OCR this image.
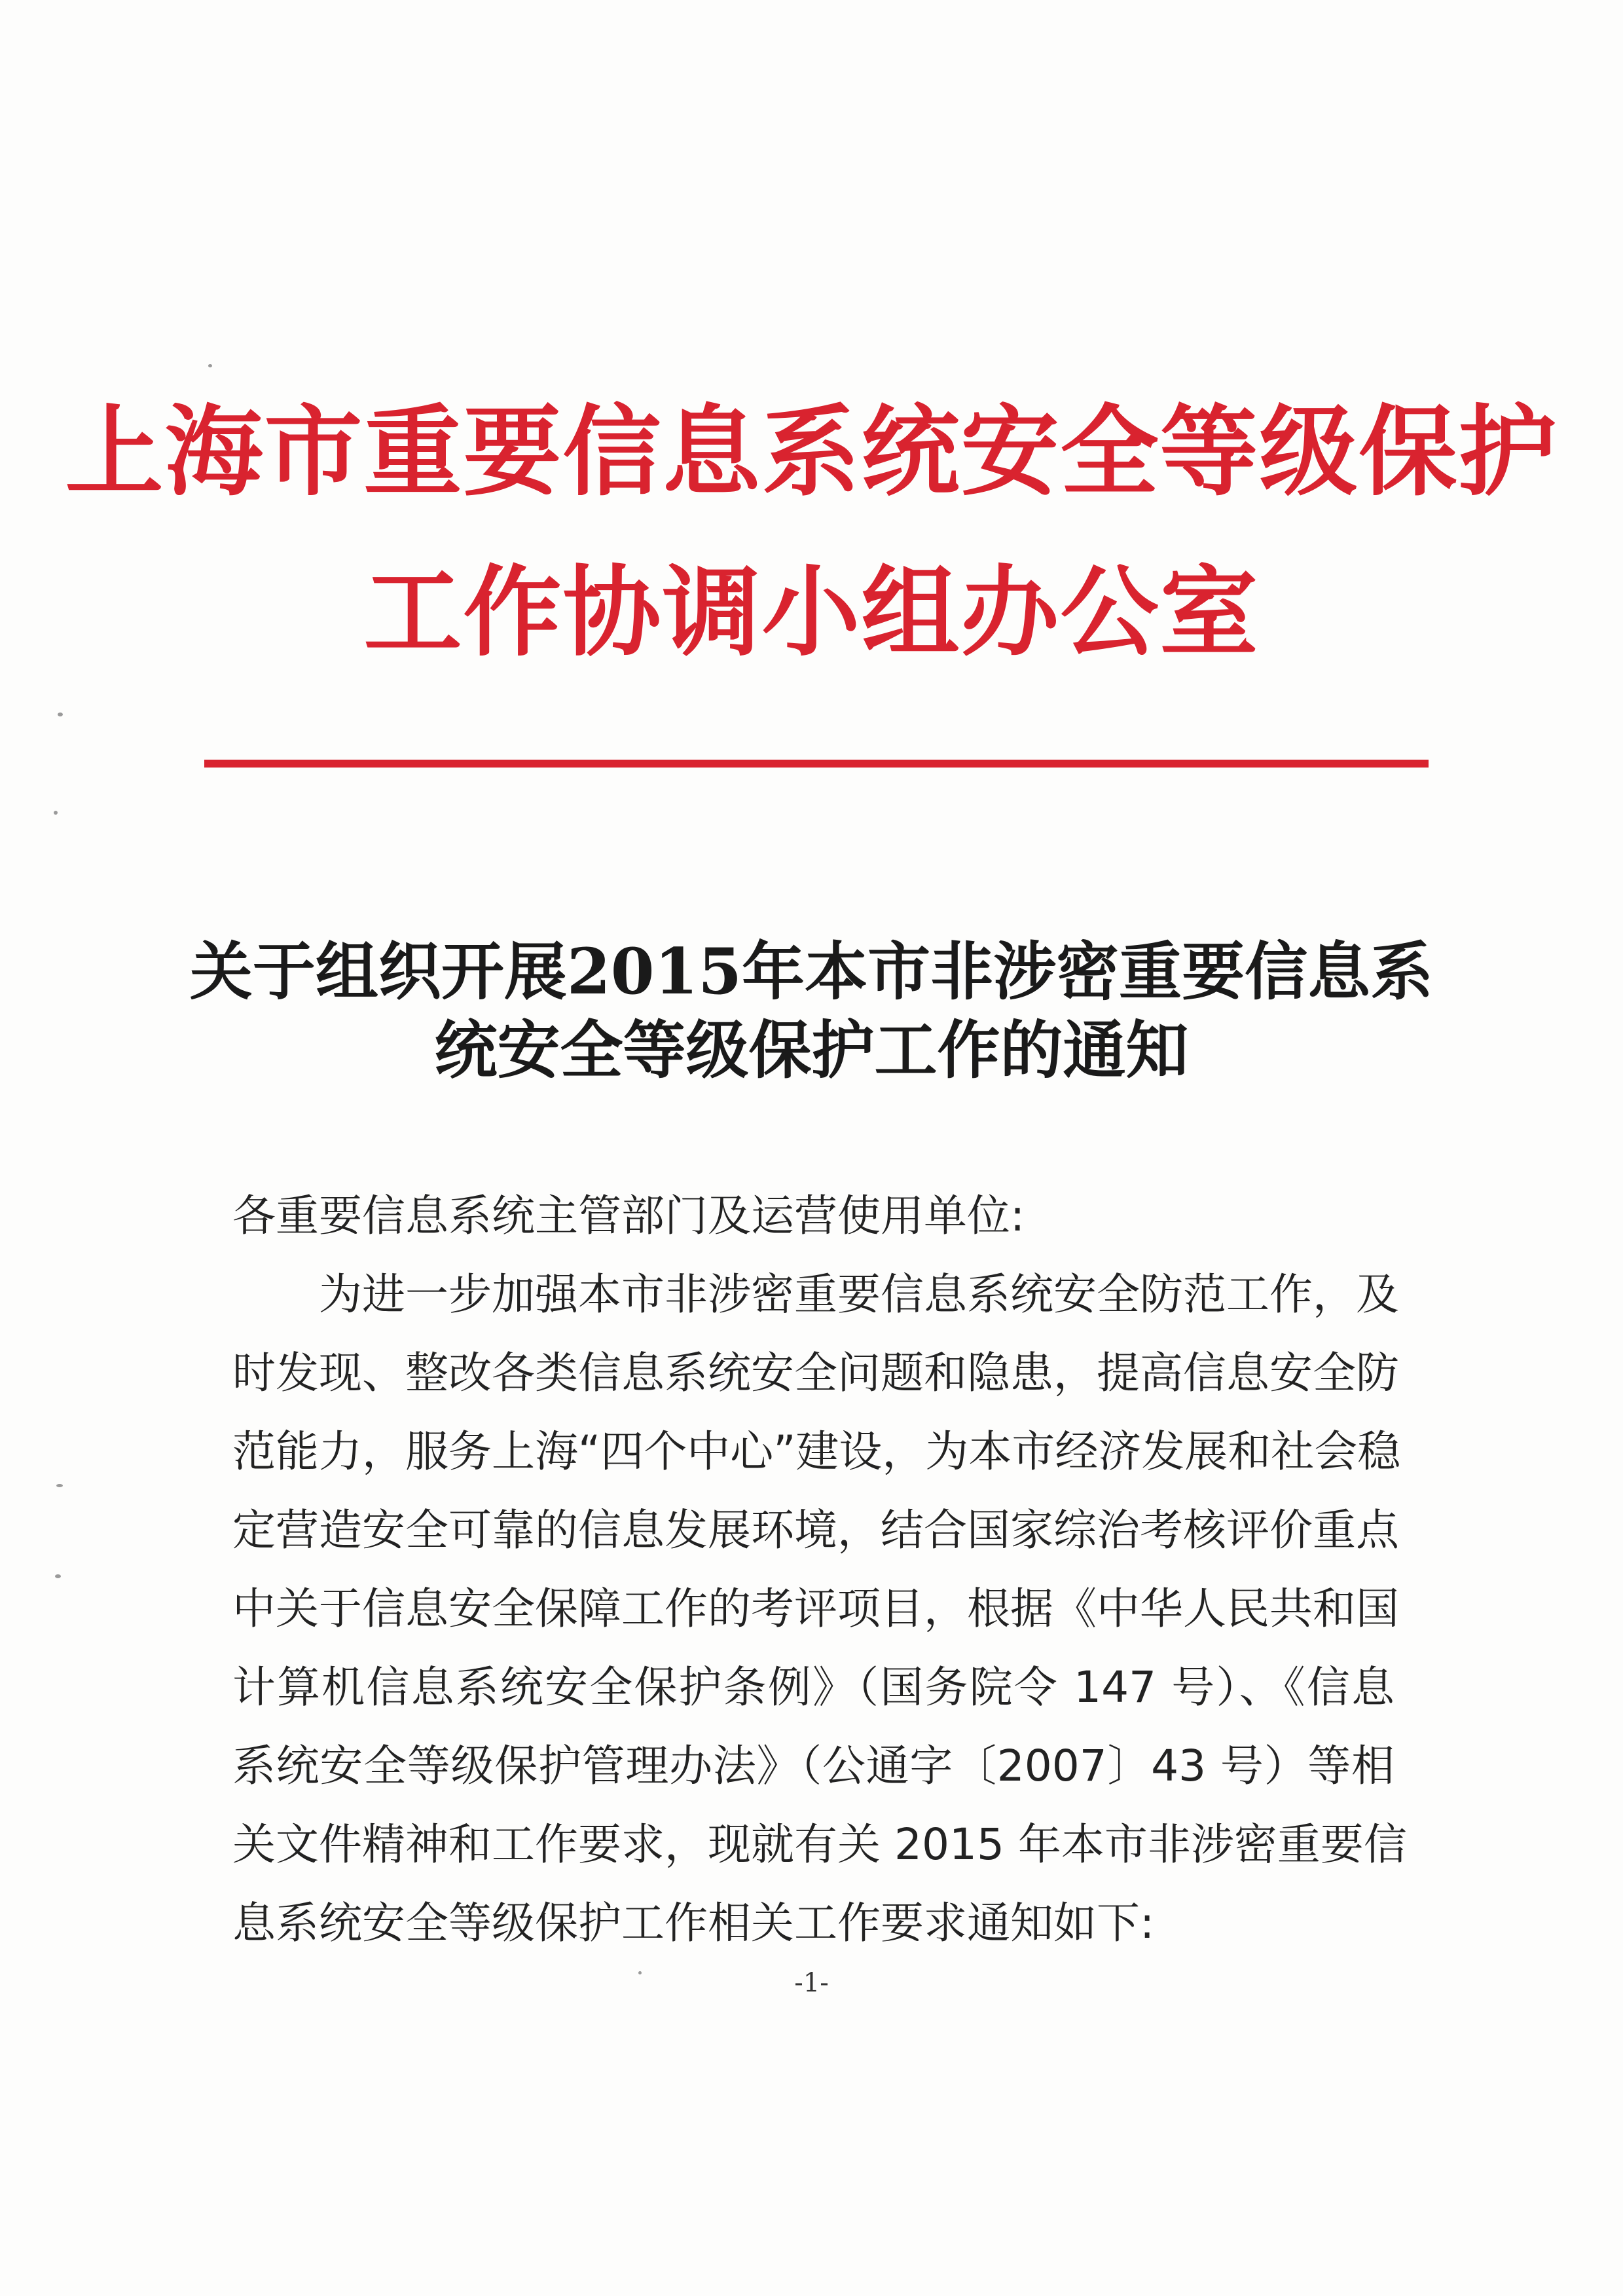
上海市重要信息系统安全等级保护
工作协调小组办公室
关于组织开展2015年本市非涉密重要信息系
统安全等级保护工作的通知
各重要信息系统主管部门及运营使用单位:
为进一步加强本市非涉密重要信息系统安全防范工作，及
时发现、整改各类信息系统安全问题和隐患，提高信息安全防
范能力，服务上海“四个中心”建设，为本市经济发展和社会稳
定营造安全可靠的信息发展环境，结合国家综治考核评价重点
中关于信息安全保障工作的考评项目，根据《中华人民共和国
计算机信息系统安全保护条例》（国务院令 147 号）、《信息
系统安全等级保护管理办法》（公通字〔2007〕43 号）等相
关文件精神和工作要求，现就有关 2015 年本市非涉密重要信
息系统安全等级保护工作相关工作要求通知如下:
-1-
